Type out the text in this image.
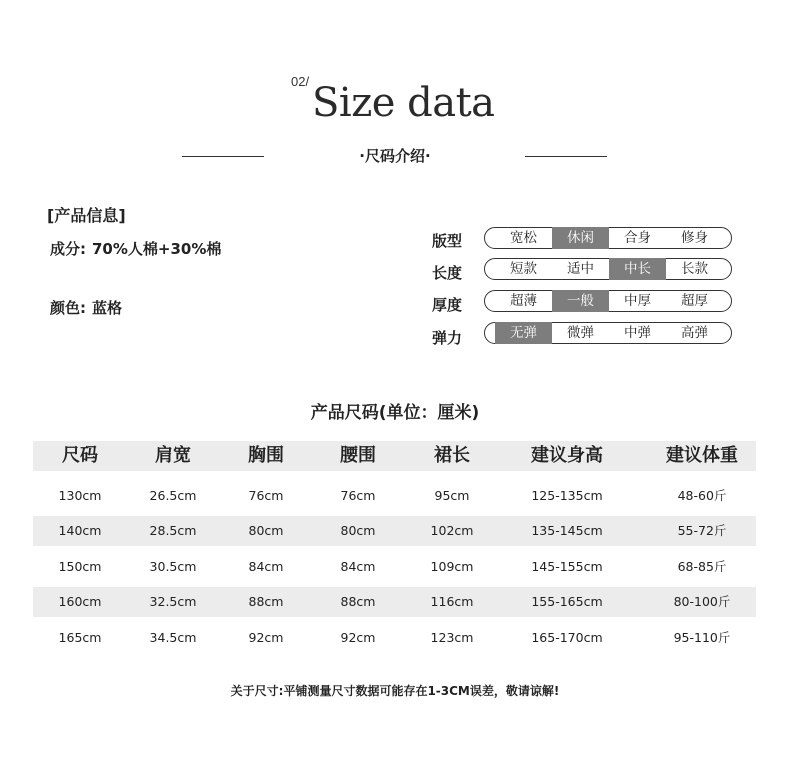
02/ Size data
·尺码介绍·
[产品信息]
成分: 70%人棉+30%棉
颜色: 蓝格
版型	宽松	休闲	合身	修身
长度	短款	适中	中长	长款
厚度	超薄	一般	中厚	超厚
弹力	无弹	微弹	中弹	高弹
产品尺码(单位：厘米)
尺码	肩宽	胸围	腰围	裙长	建议身高	建议体重
130cm	26.5cm	76cm	76cm	95cm	125-135cm	48-60斤
140cm	28.5cm	80cm	80cm	102cm	135-145cm	55-72斤
150cm	30.5cm	84cm	84cm	109cm	145-155cm	68-85斤
160cm	32.5cm	88cm	88cm	116cm	155-165cm	80-100斤
165cm	34.5cm	92cm	92cm	123cm	165-170cm	95-110斤
关于尺寸:平铺测量尺寸数据可能存在1-3CM误差，敬请谅解!
